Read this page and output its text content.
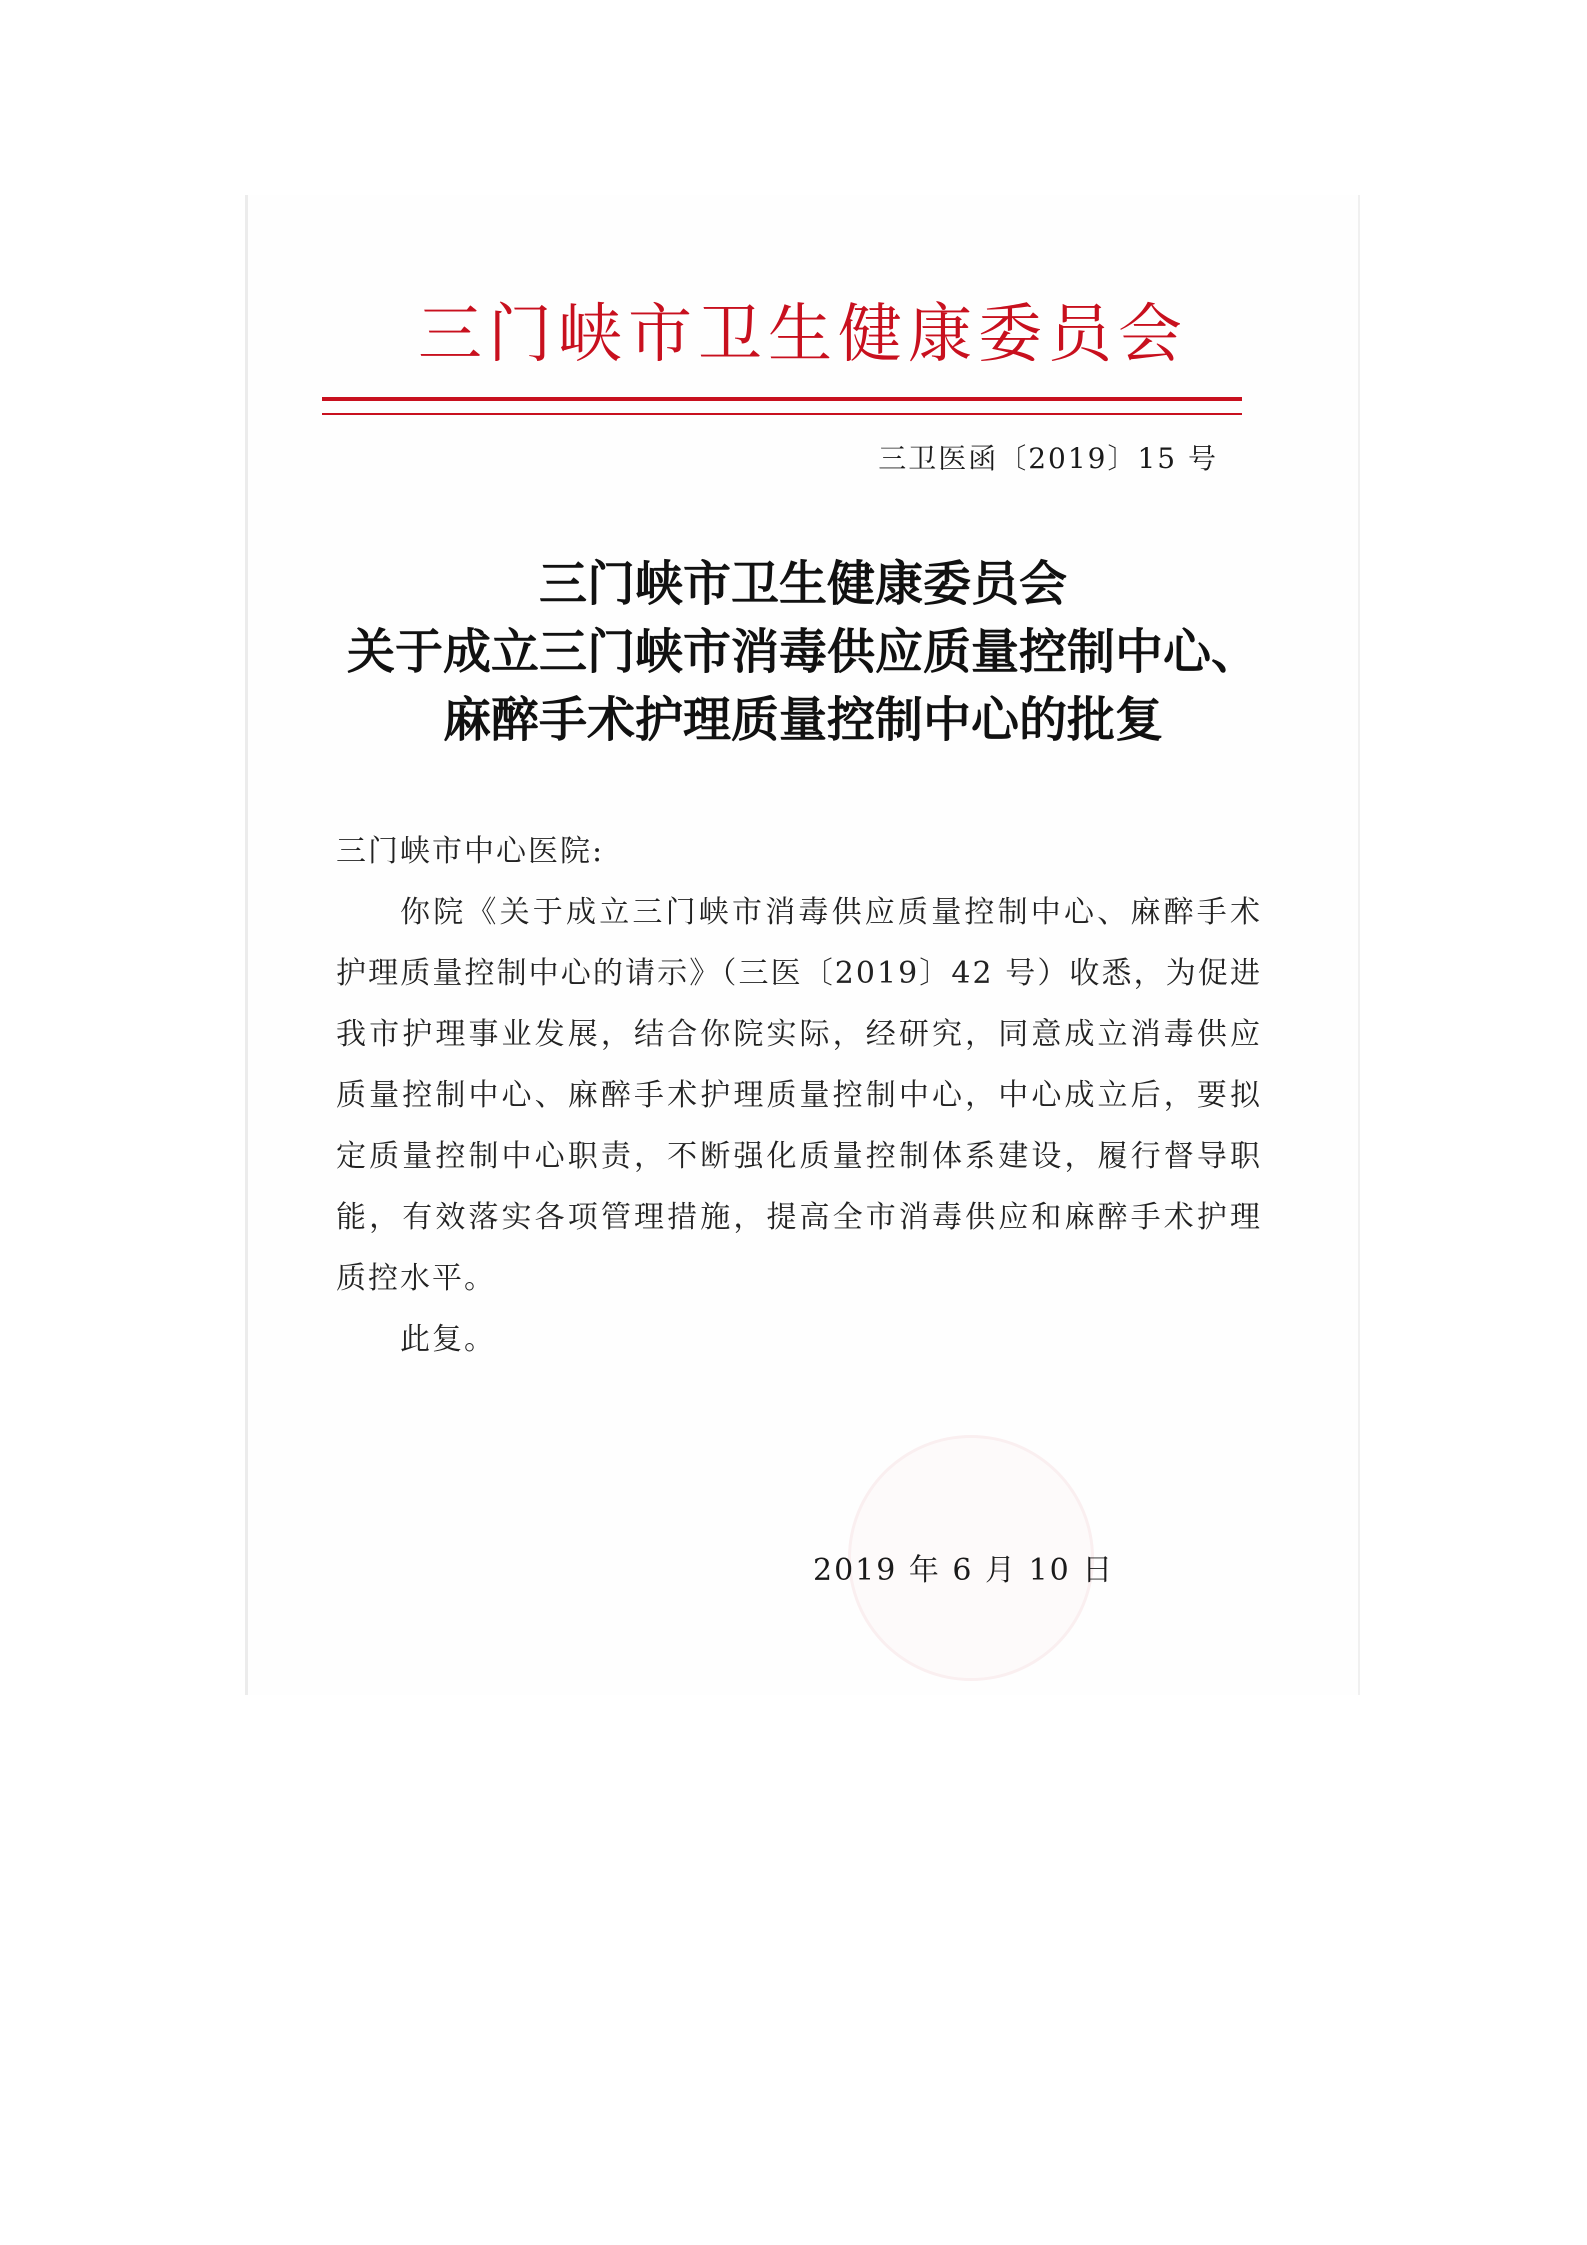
三门峡市卫生健康委员会
三卫医函〔2019〕15 号
三门峡市卫生健康委员会
关于成立三门峡市消毒供应质量控制中心、
麻醉手术护理质量控制中心的批复
三门峡市中心医院:
你院《关于成立三门峡市消毒供应质量控制中心、麻醉手术护理质量控制中心的请示》（三医〔2019〕42 号）收悉，为促进我市护理事业发展，结合你院实际，经研究，同意成立消毒供应质量控制中心、麻醉手术护理质量控制中心，中心成立后，要拟定质量控制中心职责，不断强化质量控制体系建设，履行督导职能，有效落实各项管理措施，提高全市消毒供应和麻醉手术护理质控水平。
此复。
2019 年 6 月 10 日
